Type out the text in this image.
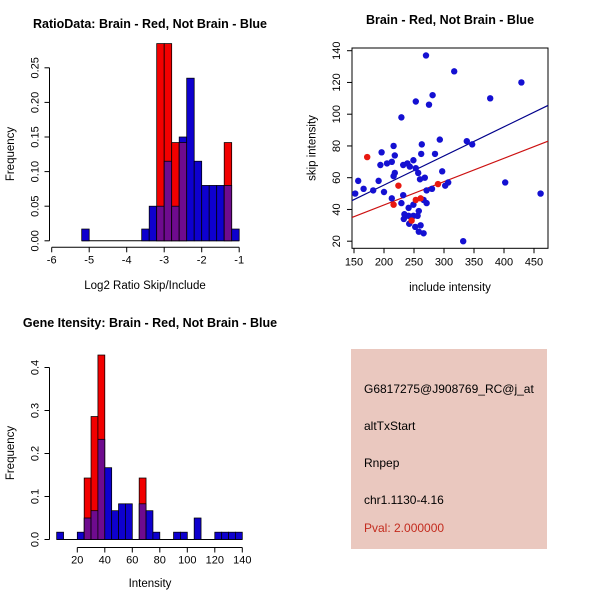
0.00
0.05
0.10
0.15
0.20
0.25
-6	-5	-4	-3	-2	-1
RatioData: Brain - Red, Not Brain - Blue
Log2 Ratio Skip/Include
Frequency
0.0
0.1
0.2
0.3
0.4
20 40 60 80 100 120 140
Gene Itensity: Brain - Red, Not Brain - Blue
Intensity
Frequency
150 200 250 300 350 400 450
20
40
60
80
100
120
140
Brain - Red, Not Brain - Blue
include intensity
skip intensity
G6817275@J908769_RC@j_at
altTxStart
Rnpep
chr1.1130-4.16
Pval: 2.000000
